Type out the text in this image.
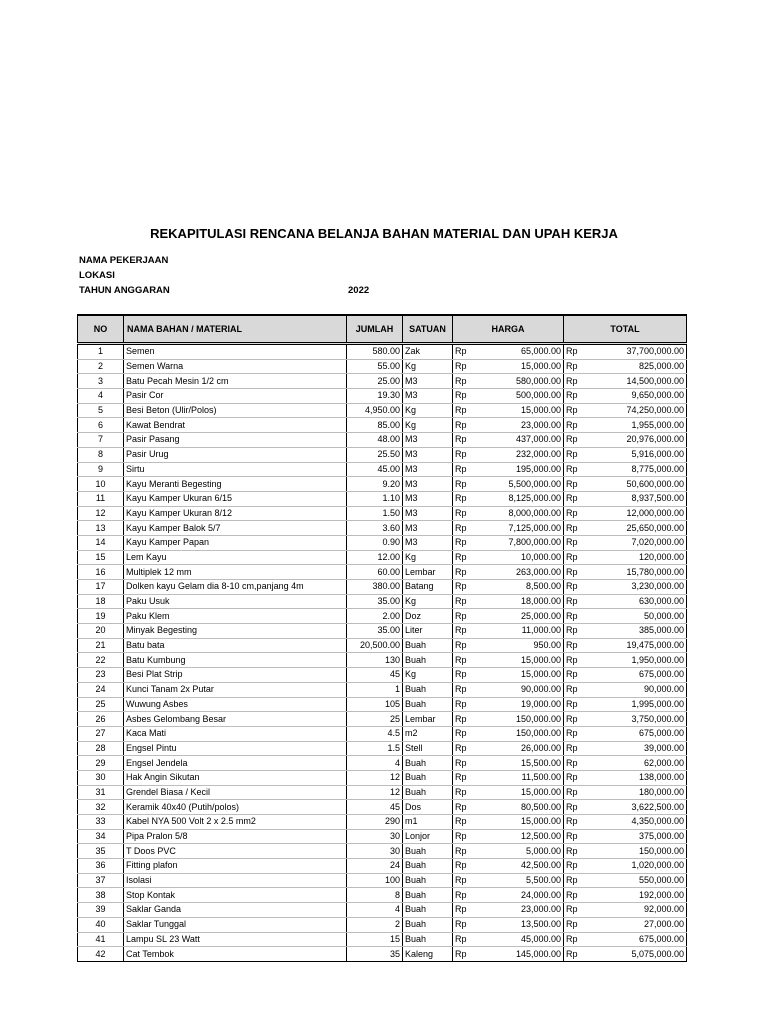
REKAPITULASI RENCANA BELANJA BAHAN MATERIAL DAN UPAH KERJA
NAMA PEKERJAAN
LOKASI
TAHUN ANGGARAN	2022
NO	NAMA BAHAN / MATERIAL	JUMLAH	SATUAN	HARGA		TOTAL	
1	Semen	580.00	Zak	Rp	65,000.00	Rp	37,700,000.00
2	Semen Warna	55.00	Kg	Rp	15,000.00	Rp	825,000.00
3	Batu Pecah Mesin 1/2 cm	25.00	M3	Rp	580,000.00	Rp	14,500,000.00
4	Pasir Cor	19.30	M3	Rp	500,000.00	Rp	9,650,000.00
5	Besi Beton (Ulir/Polos)	4,950.00	Kg	Rp	15,000.00	Rp	74,250,000.00
6	Kawat Bendrat	85.00	Kg	Rp	23,000.00	Rp	1,955,000.00
7	Pasir Pasang	48.00	M3	Rp	437,000.00	Rp	20,976,000.00
8	Pasir Urug	25.50	M3	Rp	232,000.00	Rp	5,916,000.00
9	Sirtu	45.00	M3	Rp	195,000.00	Rp	8,775,000.00
10	Kayu Meranti Begesting	9.20	M3	Rp	5,500,000.00	Rp	50,600,000.00
11	Kayu Kamper Ukuran 6/15	1.10	M3	Rp	8,125,000.00	Rp	8,937,500.00
12	Kayu Kamper Ukuran 8/12	1.50	M3	Rp	8,000,000.00	Rp	12,000,000.00
13	Kayu Kamper Balok 5/7	3.60	M3	Rp	7,125,000.00	Rp	25,650,000.00
14	Kayu Kamper Papan	0.90	M3	Rp	7,800,000.00	Rp	7,020,000.00
15	Lem Kayu	12.00	Kg	Rp	10,000.00	Rp	120,000.00
16	Multiplek 12 mm	60.00	Lembar	Rp	263,000.00	Rp	15,780,000.00
17	Dolken kayu Gelam dia 8-10 cm,panjang 4m	380.00	Batang	Rp	8,500.00	Rp	3,230,000.00
18	Paku Usuk	35.00	Kg	Rp	18,000.00	Rp	630,000.00
19	Paku Klem	2.00	Doz	Rp	25,000.00	Rp	50,000.00
20	Minyak Begesting	35.00	Liter	Rp	11,000.00	Rp	385,000.00
21	Batu bata	20,500.00	Buah	Rp	950.00	Rp	19,475,000.00
22	Batu Kumbung	130	Buah	Rp	15,000.00	Rp	1,950,000.00
23	Besi Plat Strip	45	Kg	Rp	15,000.00	Rp	675,000.00
24	Kunci Tanam 2x Putar	1	Buah	Rp	90,000.00	Rp	90,000.00
25	Wuwung Asbes	105	Buah	Rp	19,000.00	Rp	1,995,000.00
26	Asbes Gelombang Besar	25	Lembar	Rp	150,000.00	Rp	3,750,000.00
27	Kaca Mati	4.5	m2	Rp	150,000.00	Rp	675,000.00
28	Engsel Pintu	1.5	Stell	Rp	26,000.00	Rp	39,000.00
29	Engsel Jendela	4	Buah	Rp	15,500.00	Rp	62,000.00
30	Hak Angin Sikutan	12	Buah	Rp	11,500.00	Rp	138,000.00
31	Grendel Biasa / Kecil	12	Buah	Rp	15,000.00	Rp	180,000.00
32	Keramik 40x40 (Putih/polos)	45	Dos	Rp	80,500.00	Rp	3,622,500.00
33	Kabel NYA 500 Volt 2 x 2.5 mm2	290	m1	Rp	15,000.00	Rp	4,350,000.00
34	Pipa Pralon 5/8	30	Lonjor	Rp	12,500.00	Rp	375,000.00
35	T Doos PVC	30	Buah	Rp	5,000.00	Rp	150,000.00
36	Fitting plafon	24	Buah	Rp	42,500.00	Rp	1,020,000.00
37	Isolasi	100	Buah	Rp	5,500.00	Rp	550,000.00
38	Stop Kontak	8	Buah	Rp	24,000.00	Rp	192,000.00
39	Saklar Ganda	4	Buah	Rp	23,000.00	Rp	92,000.00
40	Saklar Tunggal	2	Buah	Rp	13,500.00	Rp	27,000.00
41	Lampu SL 23 Watt	15	Buah	Rp	45,000.00	Rp	675,000.00
42	Cat Tembok	35	Kaleng	Rp	145,000.00	Rp	5,075,000.00
